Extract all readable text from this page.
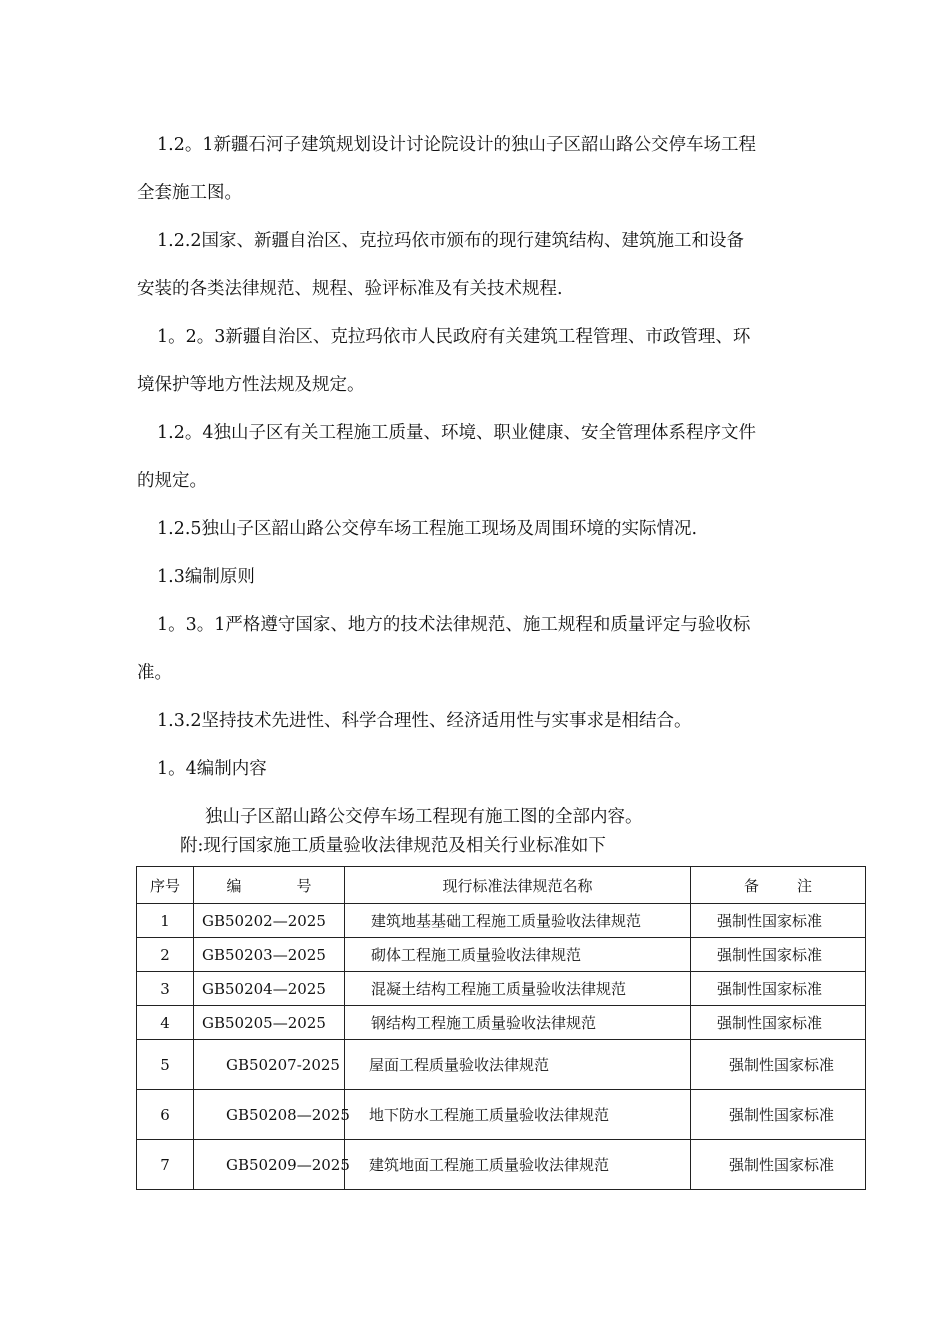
1.2。1新疆石河子建筑规划设计讨论院设计的独山子区韶山路公交停车场工程
全套施工图。
1.2.2国家、新疆自治区、克拉玛依市颁布的现行建筑结构、建筑施工和设备
安装的各类法律规范、规程、验评标准及有关技术规程.
1。2。3新疆自治区、克拉玛依市人民政府有关建筑工程管理、市政管理、环
境保护等地方性法规及规定。
1.2。4独山子区有关工程施工质量、环境、职业健康、安全管理体系程序文件
的规定。
1.2.5独山子区韶山路公交停车场工程施工现场及周围环境的实际情况.
1.3编制原则
1。3。1严格遵守国家、地方的技术法律规范、施工规程和质量评定与验收标
准。
1.3.2坚持技术先进性、科学合理性、经济适用性与实事求是相结合。
1。4编制内容

独山子区韶山路公交停车场工程现有施工图的全部内容。

附:现行国家施工质量验收法律规范及相关行业标准如下

序号	编 号	现行标准法律规范名称	备 注
1	GB50202—2025	建筑地基基础工程施工质量验收法律规范	强制性国家标准
2	GB50203—2025	砌体工程施工质量验收法律规范	强制性国家标准
3	GB50204—2025	混凝土结构工程施工质量验收法律规范	强制性国家标准
4	GB50205—2025	钢结构工程施工质量验收法律规范	强制性国家标准
5	GB50207-2025	屋面工程质量验收法律规范	强制性国家标准
6	GB50208—2025	地下防水工程施工质量验收法律规范	强制性国家标准
7	GB50209—2025	建筑地面工程施工质量验收法律规范	强制性国家标准
